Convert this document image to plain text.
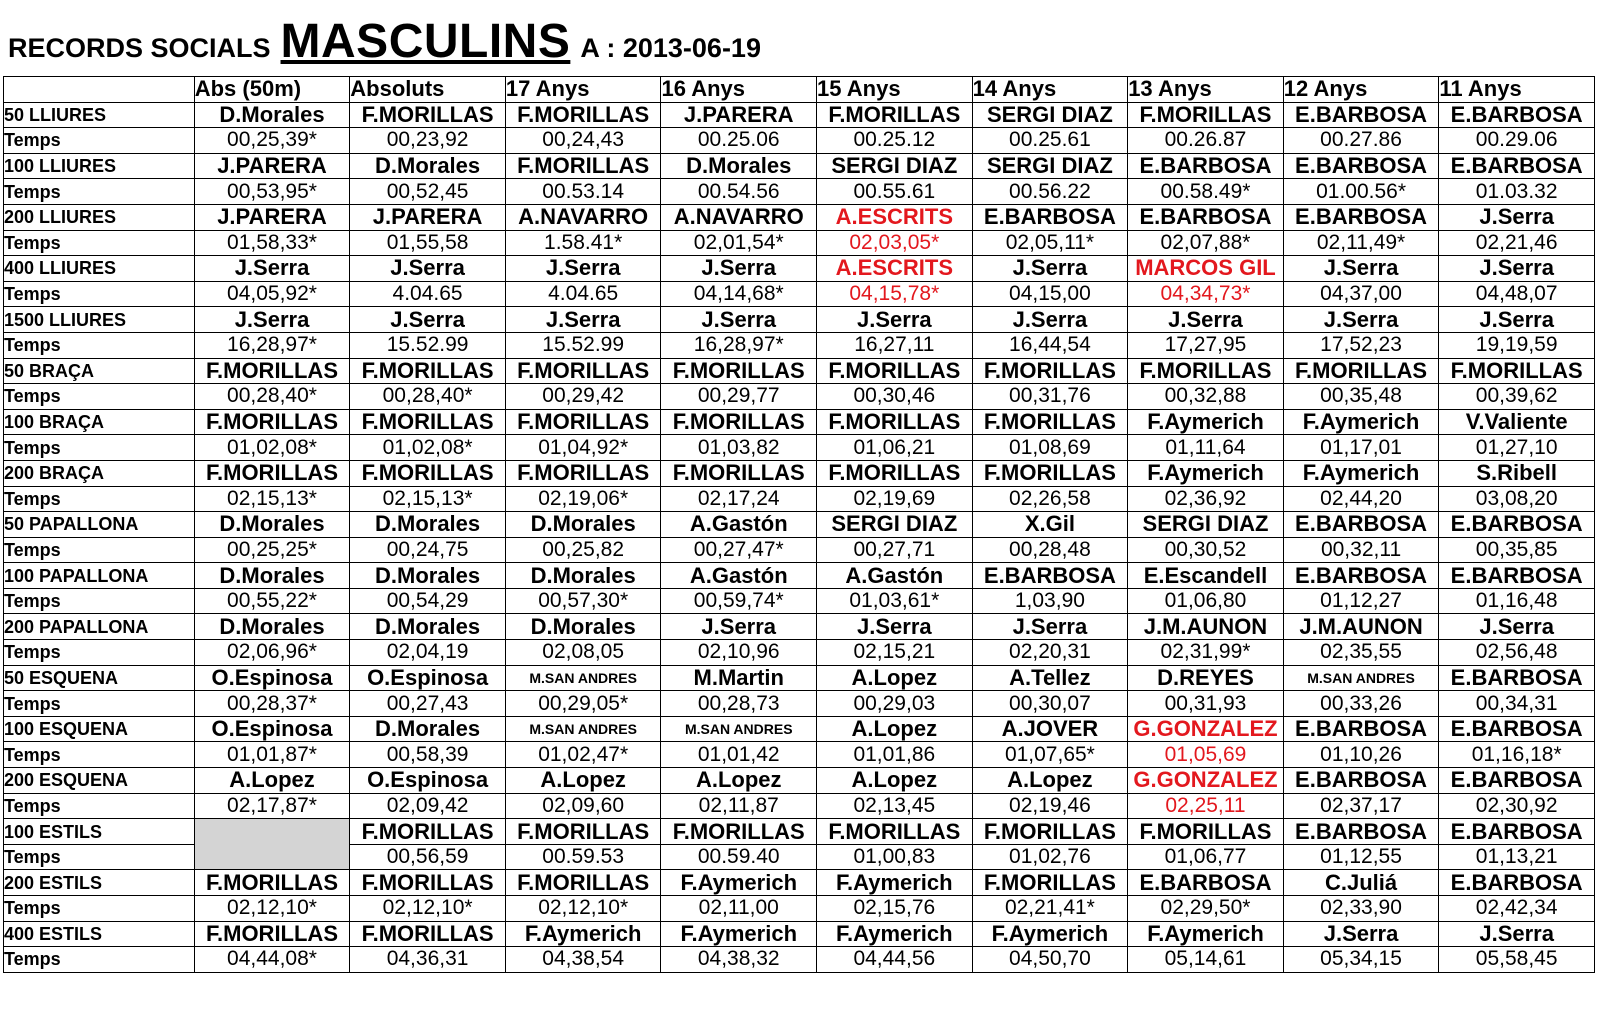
RECORDS SOCIALS MASCULINS A : 2013-06-19
	Abs (50m)	Absoluts	17 Anys	16 Anys	15 Anys	14 Anys	13 Anys	12 Anys	11 Anys
50 LLIURES	D.Morales	F.MORILLAS	F.MORILLAS	J.PARERA	F.MORILLAS	SERGI DIAZ	F.MORILLAS	E.BARBOSA	E.BARBOSA
Temps	00,25,39*	00,23,92	00,24,43	00.25.06	00.25.12	00.25.61	00.26.87	00.27.86	00.29.06
100 LLIURES	J.PARERA	D.Morales	F.MORILLAS	D.Morales	SERGI DIAZ	SERGI DIAZ	E.BARBOSA	E.BARBOSA	E.BARBOSA
Temps	00,53,95*	00,52,45	00.53.14	00.54.56	00.55.61	00.56.22	00.58.49*	01.00.56*	01.03.32
200 LLIURES	J.PARERA	J.PARERA	A.NAVARRO	A.NAVARRO	A.ESCRITS	E.BARBOSA	E.BARBOSA	E.BARBOSA	J.Serra
Temps	01,58,33*	01,55,58	1.58.41*	02,01,54*	02,03,05*	02,05,11*	02,07,88*	02,11,49*	02,21,46
400 LLIURES	J.Serra	J.Serra	J.Serra	J.Serra	A.ESCRITS	J.Serra	MARCOS GIL	J.Serra	J.Serra
Temps	04,05,92*	4.04.65	4.04.65	04,14,68*	04,15,78*	04,15,00	04,34,73*	04,37,00	04,48,07
1500 LLIURES	J.Serra	J.Serra	J.Serra	J.Serra	J.Serra	J.Serra	J.Serra	J.Serra	J.Serra
Temps	16,28,97*	15.52.99	15.52.99	16,28,97*	16,27,11	16,44,54	17,27,95	17,52,23	19,19,59
50 BRAÇA	F.MORILLAS	F.MORILLAS	F.MORILLAS	F.MORILLAS	F.MORILLAS	F.MORILLAS	F.MORILLAS	F.MORILLAS	F.MORILLAS
Temps	00,28,40*	00,28,40*	00,29,42	00,29,77	00,30,46	00,31,76	00,32,88	00,35,48	00,39,62
100 BRAÇA	F.MORILLAS	F.MORILLAS	F.MORILLAS	F.MORILLAS	F.MORILLAS	F.MORILLAS	F.Aymerich	F.Aymerich	V.Valiente
Temps	01,02,08*	01,02,08*	01,04,92*	01,03,82	01,06,21	01,08,69	01,11,64	01,17,01	01,27,10
200 BRAÇA	F.MORILLAS	F.MORILLAS	F.MORILLAS	F.MORILLAS	F.MORILLAS	F.MORILLAS	F.Aymerich	F.Aymerich	S.Ribell
Temps	02,15,13*	02,15,13*	02,19,06*	02,17,24	02,19,69	02,26,58	02,36,92	02,44,20	03,08,20
50 PAPALLONA	D.Morales	D.Morales	D.Morales	A.Gastón	SERGI DIAZ	X.Gil	SERGI DIAZ	E.BARBOSA	E.BARBOSA
Temps	00,25,25*	00,24,75	00,25,82	00,27,47*	00,27,71	00,28,48	00,30,52	00,32,11	00,35,85
100 PAPALLONA	D.Morales	D.Morales	D.Morales	A.Gastón	A.Gastón	E.BARBOSA	E.Escandell	E.BARBOSA	E.BARBOSA
Temps	00,55,22*	00,54,29	00,57,30*	00,59,74*	01,03,61*	1,03,90	01,06,80	01,12,27	01,16,48
200 PAPALLONA	D.Morales	D.Morales	D.Morales	J.Serra	J.Serra	J.Serra	J.M.AUNON	J.M.AUNON	J.Serra
Temps	02,06,96*	02,04,19	02,08,05	02,10,96	02,15,21	02,20,31	02,31,99*	02,35,55	02,56,48
50 ESQUENA	O.Espinosa	O.Espinosa	M.SAN ANDRES	M.Martin	A.Lopez	A.Tellez	D.REYES	M.SAN ANDRES	E.BARBOSA
Temps	00,28,37*	00,27,43	00,29,05*	00,28,73	00,29,03	00,30,07	00,31,93	00,33,26	00,34,31
100 ESQUENA	O.Espinosa	D.Morales	M.SAN ANDRES	M.SAN ANDRES	A.Lopez	A.JOVER	G.GONZALEZ	E.BARBOSA	E.BARBOSA
Temps	01,01,87*	00,58,39	01,02,47*	01,01,42	01,01,86	01,07,65*	01,05,69	01,10,26	01,16,18*
200 ESQUENA	A.Lopez	O.Espinosa	A.Lopez	A.Lopez	A.Lopez	A.Lopez	G.GONZALEZ	E.BARBOSA	E.BARBOSA
Temps	02,17,87*	02,09,42	02,09,60	02,11,87	02,13,45	02,19,46	02,25,11	02,37,17	02,30,92
100 ESTILS		F.MORILLAS	F.MORILLAS	F.MORILLAS	F.MORILLAS	F.MORILLAS	F.MORILLAS	E.BARBOSA	E.BARBOSA
Temps		00,56,59	00.59.53	00.59.40	01,00,83	01,02,76	01,06,77	01,12,55	01,13,21
200 ESTILS	F.MORILLAS	F.MORILLAS	F.MORILLAS	F.Aymerich	F.Aymerich	F.MORILLAS	E.BARBOSA	C.Juliá	E.BARBOSA
Temps	02,12,10*	02,12,10*	02,12,10*	02,11,00	02,15,76	02,21,41*	02,29,50*	02,33,90	02,42,34
400 ESTILS	F.MORILLAS	F.MORILLAS	F.Aymerich	F.Aymerich	F.Aymerich	F.Aymerich	F.Aymerich	J.Serra	J.Serra
Temps	04,44,08*	04,36,31	04,38,54	04,38,32	04,44,56	04,50,70	05,14,61	05,34,15	05,58,45
